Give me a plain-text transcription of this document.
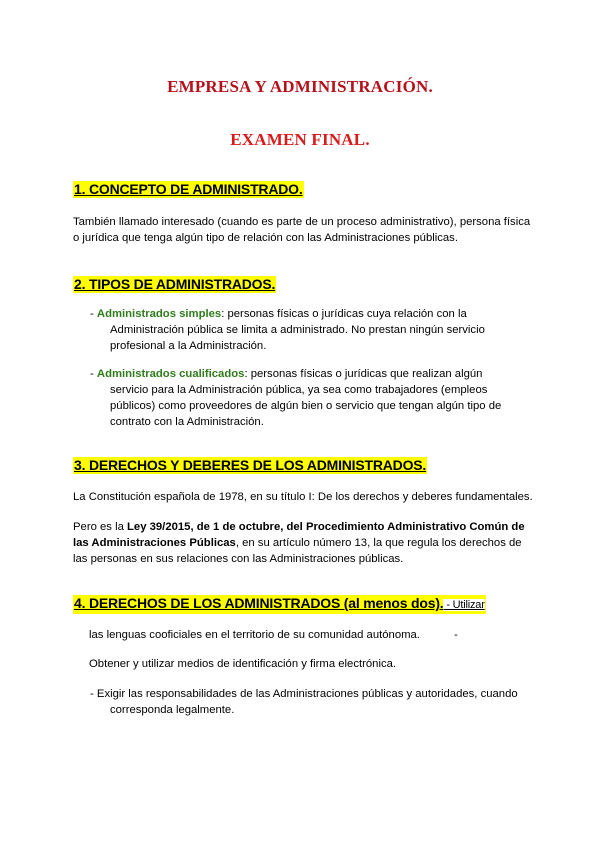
EMPRESA Y ADMINISTRACIÓN.
EXAMEN FINAL.
1. CONCEPTO DE ADMINISTRADO.
También llamado interesado (cuando es parte de un proceso administrativo), persona física o jurídica que tenga algún tipo de relación con las Administraciones públicas.
2. TIPOS DE ADMINISTRADOS.
- Administrados simples: personas físicas o jurídicas cuya relación con la Administración pública se limita a administrado. No prestan ningún servicio profesional a la Administración.
- Administrados cualificados: personas físicas o jurídicas que realizan algún servicio para la Administración pública, ya sea como trabajadores (empleos públicos) como proveedores de algún bien o servicio que tengan algún tipo de contrato con la Administración.
3. DERECHOS Y DEBERES DE LOS ADMINISTRADOS.
La Constitución española de 1978, en su título I: De los derechos y deberes fundamentales.
Pero es la Ley 39/2015, de 1 de octubre, del Procedimiento Administrativo Común de las Administraciones Públicas, en su artículo número 13, la que regula los derechos de las personas en sus relaciones con las Administraciones públicas.
4. DERECHOS DE LOS ADMINISTRADOS (al menos dos). - Utilizar
las lenguas cooficiales en el territorio de su comunidad autónoma.	-
Obtener y utilizar medios de identificación y firma electrónica.
- Exigir las responsabilidades de las Administraciones públicas y autoridades, cuando corresponda legalmente.
